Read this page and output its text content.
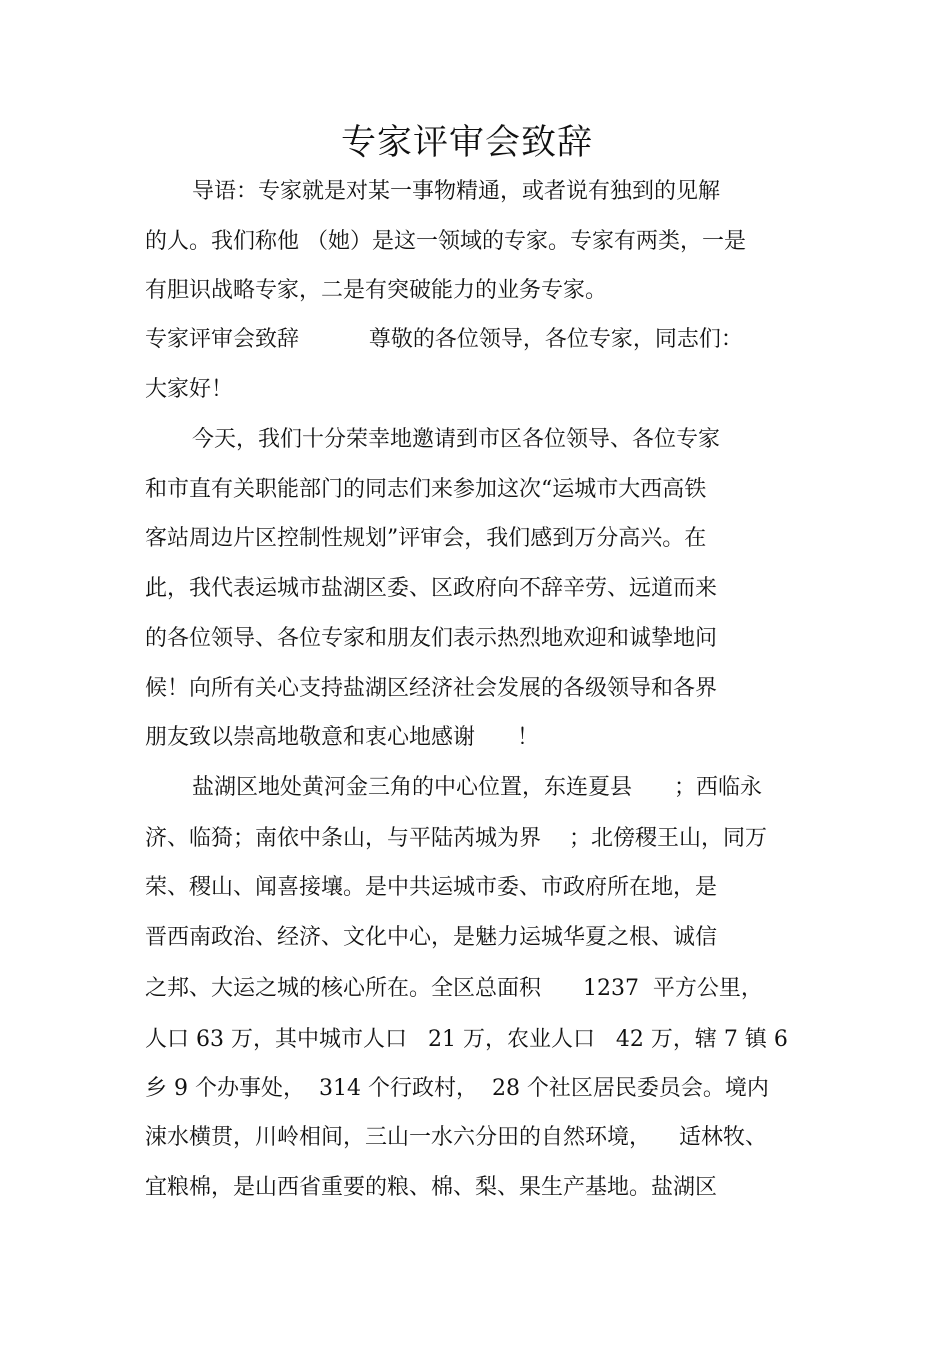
专家评审会致辞
导语：专家就是对某一事物精通，或者说有独到的见解
的人。我们称他 （她）是这一领域的专家。专家有两类，一是
有胆识战略专家，二是有突破能力的业务专家。
专家评审会致辞          尊敬的各位领导，各位专家，同志们：
大家好！
今天，我们十分荣幸地邀请到市区各位领导、各位专家
和市直有关职能部门的同志们来参加这次“运城市大西高铁
客站周边片区控制性规划”评审会，我们感到万分高兴。在
此，我代表运城市盐湖区委、区政府向不辞辛劳、远道而来
的各位领导、各位专家和朋友们表示热烈地欢迎和诚挚地问
候！向所有关心支持盐湖区经济社会发展的各级领导和各界
朋友致以崇高地敬意和衷心地感谢      ！
盐湖区地处黄河金三角的中心位置，东连夏县      ；西临永
济、临猗；南依中条山，与平陆芮城为界    ；北傍稷王山，同万
荣、稷山、闻喜接壤。是中共运城市委、市政府所在地，是
晋西南政治、经济、文化中心，是魅力运城华夏之根、诚信
之邦、大运之城的核心所在。全区总面积      1237  平方公里，
人口 63 万，其中城市人口   21 万，农业人口   42 万，辖 7 镇 6
乡 9 个办事处，  314 个行政村，  28 个社区居民委员会。境内
涑水横贯，川岭相间，三山一水六分田的自然环境，    适林牧、
宜粮棉，是山西省重要的粮、棉、梨、果生产基地。盐湖区
